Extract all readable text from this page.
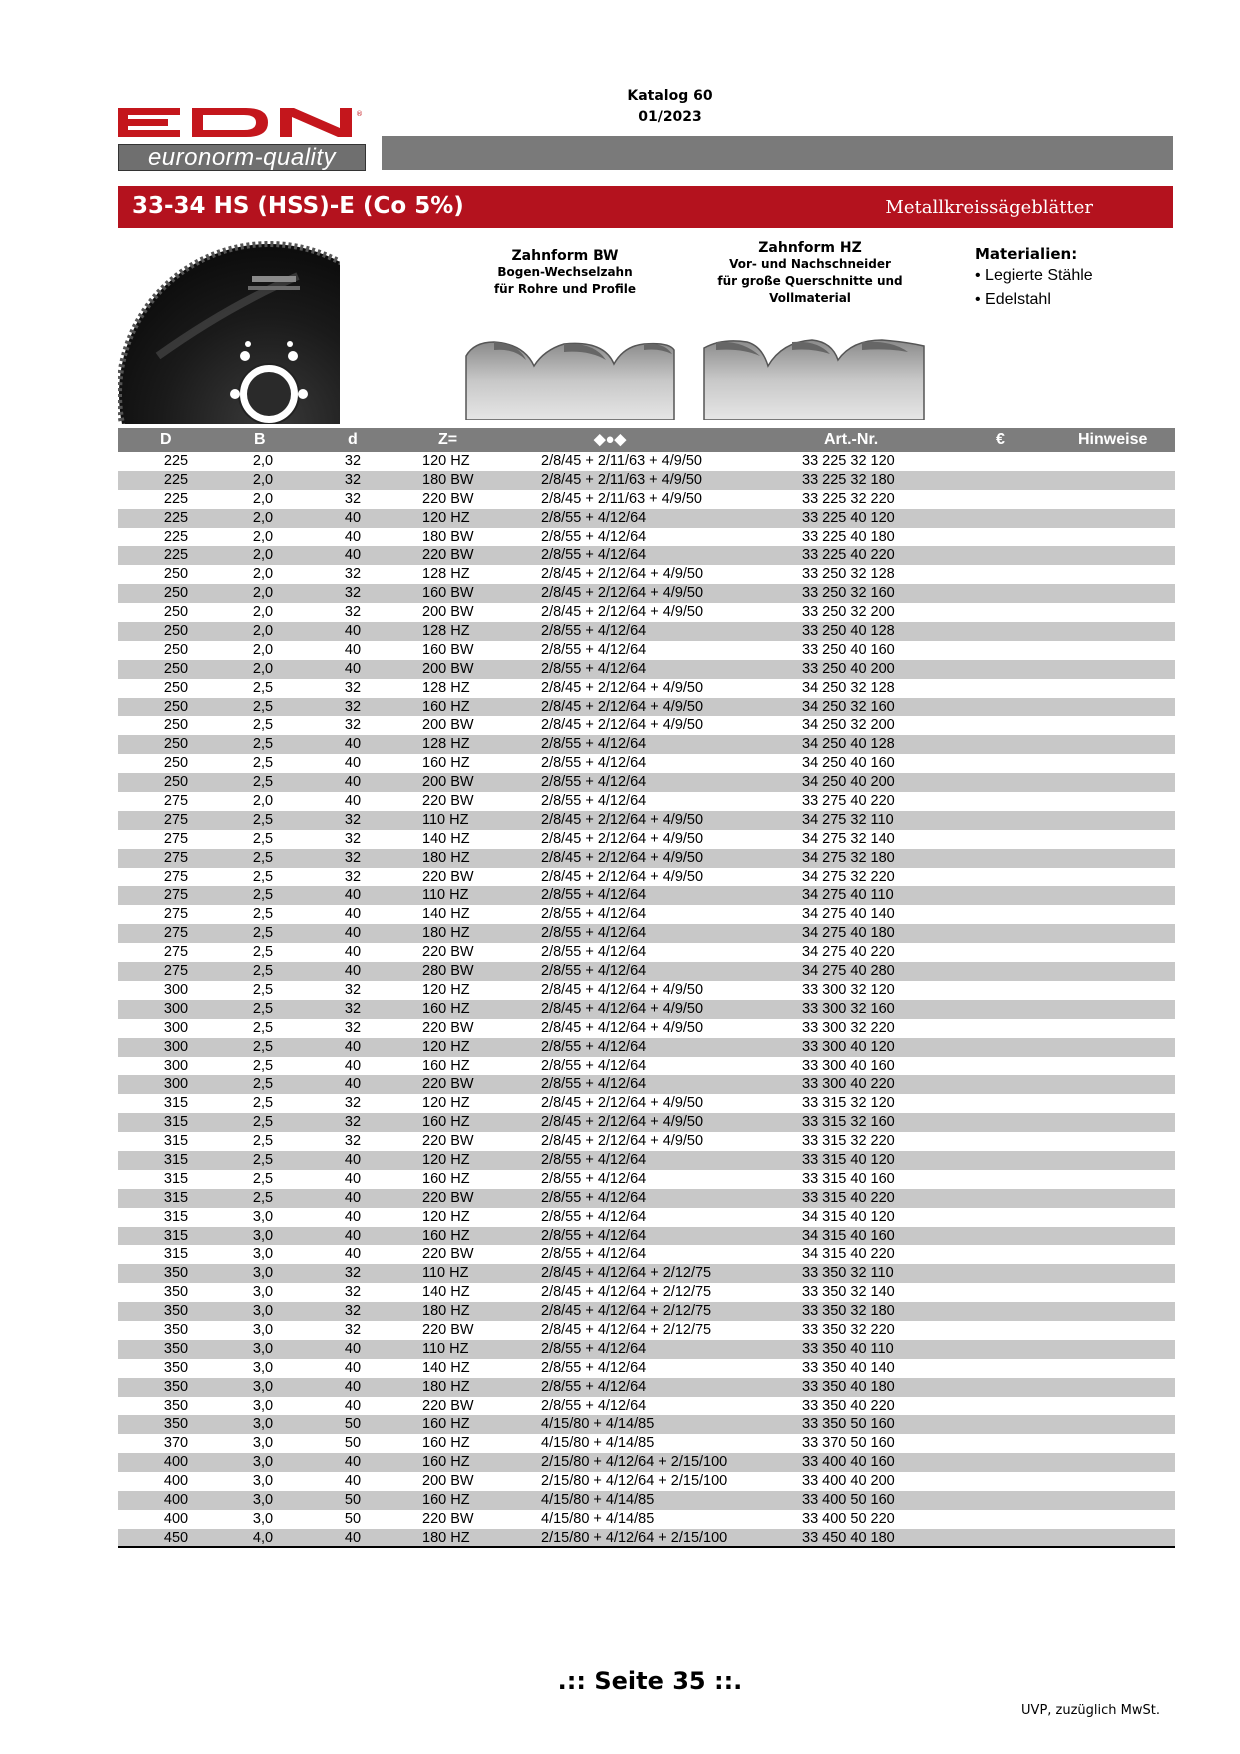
Katalog 60
01/2023
®
euronorm-quality
33-34 HS (HSS)-E (Co 5%)	Metallkreissägeblätter
Zahnform BW
Bogen-Wechselzahn
für Rohre und Profile
Zahnform HZ
Vor- und Nachschneider
für große Querschnitte und
Vollmaterial
Materialien:
• Legierte Stähle
• Edelstahl
D	B	d	Z=	◆●◆	Art.-Nr.	€	Hinweise
225	2,0	32	120 HZ	2/8/45 + 2/11/63 + 4/9/50	33 225 32 120
225	2,0	32	180 BW	2/8/45 + 2/11/63 + 4/9/50	33 225 32 180
225	2,0	32	220 BW	2/8/45 + 2/11/63 + 4/9/50	33 225 32 220
225	2,0	40	120 HZ	2/8/55 + 4/12/64	33 225 40 120
225	2,0	40	180 BW	2/8/55 + 4/12/64	33 225 40 180
225	2,0	40	220 BW	2/8/55 + 4/12/64	33 225 40 220
250	2,0	32	128 HZ	2/8/45 + 2/12/64 + 4/9/50	33 250 32 128
250	2,0	32	160 BW	2/8/45 + 2/12/64 + 4/9/50	33 250 32 160
250	2,0	32	200 BW	2/8/45 + 2/12/64 + 4/9/50	33 250 32 200
250	2,0	40	128 HZ	2/8/55 + 4/12/64	33 250 40 128
250	2,0	40	160 BW	2/8/55 + 4/12/64	33 250 40 160
250	2,0	40	200 BW	2/8/55 + 4/12/64	33 250 40 200
250	2,5	32	128 HZ	2/8/45 + 2/12/64 + 4/9/50	34 250 32 128
250	2,5	32	160 HZ	2/8/45 + 2/12/64 + 4/9/50	34 250 32 160
250	2,5	32	200 BW	2/8/45 + 2/12/64 + 4/9/50	34 250 32 200
250	2,5	40	128 HZ	2/8/55 + 4/12/64	34 250 40 128
250	2,5	40	160 HZ	2/8/55 + 4/12/64	34 250 40 160
250	2,5	40	200 BW	2/8/55 + 4/12/64	34 250 40 200
275	2,0	40	220 BW	2/8/55 + 4/12/64	33 275 40 220
275	2,5	32	110 HZ	2/8/45 + 2/12/64 + 4/9/50	34 275 32 110
275	2,5	32	140 HZ	2/8/45 + 2/12/64 + 4/9/50	34 275 32 140
275	2,5	32	180 HZ	2/8/45 + 2/12/64 + 4/9/50	34 275 32 180
275	2,5	32	220 BW	2/8/45 + 2/12/64 + 4/9/50	34 275 32 220
275	2,5	40	110 HZ	2/8/55 + 4/12/64	34 275 40 110
275	2,5	40	140 HZ	2/8/55 + 4/12/64	34 275 40 140
275	2,5	40	180 HZ	2/8/55 + 4/12/64	34 275 40 180
275	2,5	40	220 BW	2/8/55 + 4/12/64	34 275 40 220
275	2,5	40	280 BW	2/8/55 + 4/12/64	34 275 40 280
300	2,5	32	120 HZ	2/8/45 + 4/12/64 + 4/9/50	33 300 32 120
300	2,5	32	160 HZ	2/8/45 + 4/12/64 + 4/9/50	33 300 32 160
300	2,5	32	220 BW	2/8/45 + 4/12/64 + 4/9/50	33 300 32 220
300	2,5	40	120 HZ	2/8/55 + 4/12/64	33 300 40 120
300	2,5	40	160 HZ	2/8/55 + 4/12/64	33 300 40 160
300	2,5	40	220 BW	2/8/55 + 4/12/64	33 300 40 220
315	2,5	32	120 HZ	2/8/45 + 2/12/64 + 4/9/50	33 315 32 120
315	2,5	32	160 HZ	2/8/45 + 2/12/64 + 4/9/50	33 315 32 160
315	2,5	32	220 BW	2/8/45 + 2/12/64 + 4/9/50	33 315 32 220
315	2,5	40	120 HZ	2/8/55 + 4/12/64	33 315 40 120
315	2,5	40	160 HZ	2/8/55 + 4/12/64	33 315 40 160
315	2,5	40	220 BW	2/8/55 + 4/12/64	33 315 40 220
315	3,0	40	120 HZ	2/8/55 + 4/12/64	34 315 40 120
315	3,0	40	160 HZ	2/8/55 + 4/12/64	34 315 40 160
315	3,0	40	220 BW	2/8/55 + 4/12/64	34 315 40 220
350	3,0	32	110 HZ	2/8/45 + 4/12/64 + 2/12/75	33 350 32 110
350	3,0	32	140 HZ	2/8/45 + 4/12/64 + 2/12/75	33 350 32 140
350	3,0	32	180 HZ	2/8/45 + 4/12/64 + 2/12/75	33 350 32 180
350	3,0	32	220 BW	2/8/45 + 4/12/64 + 2/12/75	33 350 32 220
350	3,0	40	110 HZ	2/8/55 + 4/12/64	33 350 40 110
350	3,0	40	140 HZ	2/8/55 + 4/12/64	33 350 40 140
350	3,0	40	180 HZ	2/8/55 + 4/12/64	33 350 40 180
350	3,0	40	220 BW	2/8/55 + 4/12/64	33 350 40 220
350	3,0	50	160 HZ	4/15/80 + 4/14/85	33 350 50 160
370	3,0	50	160 HZ	4/15/80 + 4/14/85	33 370 50 160
400	3,0	40	160 HZ	2/15/80 + 4/12/64 + 2/15/100	33 400 40 160
400	3,0	40	200 BW	2/15/80 + 4/12/64 + 2/15/100	33 400 40 200
400	3,0	50	160 HZ	4/15/80 + 4/14/85	33 400 50 160
400	3,0	50	220 BW	4/15/80 + 4/14/85	33 400 50 220
450	4,0	40	180 HZ	2/15/80 + 4/12/64 + 2/15/100	33 450 40 180
.:: Seite 35 ::.
UVP, zuzüglich MwSt.
